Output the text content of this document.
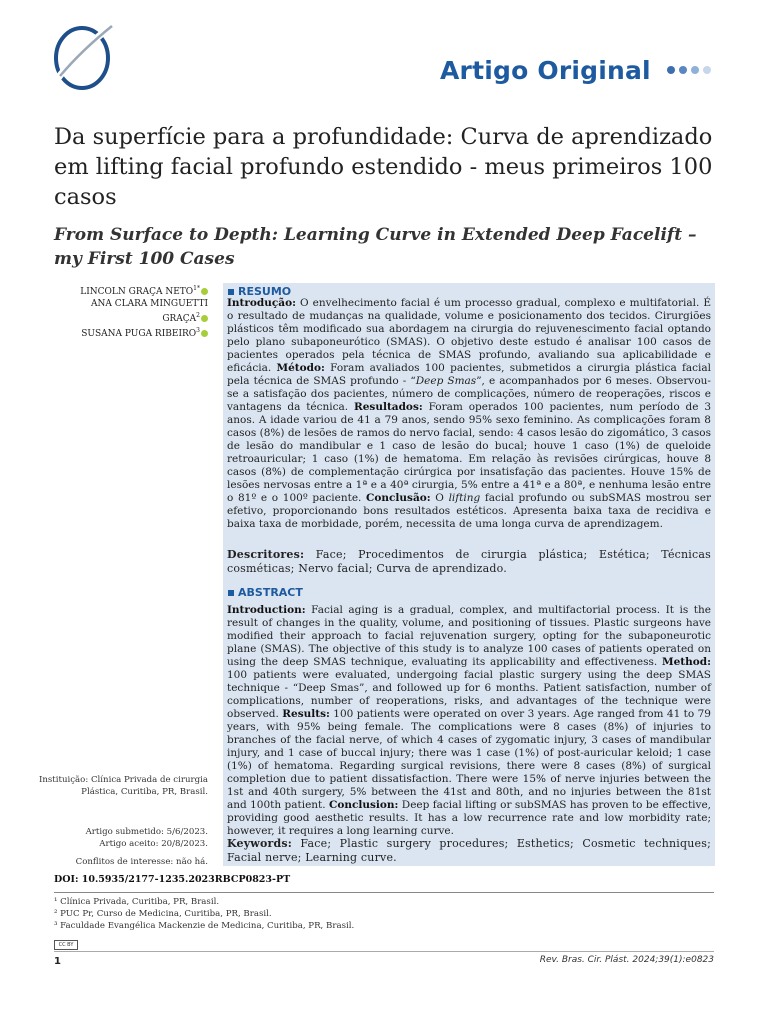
Artigo Original
Da superfície para a profundidade: Curva de aprendizado em lifting facial profundo estendido - meus primeiros 100 casos
From Surface to Depth: Learning Curve in Extended Deep Facelift – my First 100 Cases
LINCOLN GRAÇA $NETO^{1*}$
ANA CLARA MINGUETTI
GRAÇA$^2$
SUSANA PUGA RIBEIRO$^3$
Instituição: Clínica Privada de cirurgia Plástica, Curitiba, PR, Brasil.
Artigo submetido: 5/6/2023.
Artigo aceito: 20/8/2023.
Conflitos de interesse: não há.
RESUMO
Introdução: O envelhecimento facial é um processo gradual, complexo e multifatorial. É o resultado de mudanças na qualidade, volume e posicionamento dos tecidos. Cirurgiões plásticos têm modificado sua abordagem na cirurgia do rejuvenescimento facial optando pelo plano subaponeurótico (SMAS). O objetivo deste estudo é analisar 100 casos de pacientes operados pela técnica de SMAS profundo, avaliando sua aplicabilidade e eficácia. Método: Foram avaliados 100 pacientes, submetidos a cirurgia plástica facial pela técnica de SMAS profundo - “Deep Smas”, e acompanhados por 6 meses. Observou-se a satisfação dos pacientes, número de complicações, número de reoperações, riscos e vantagens da técnica. Resultados: Foram operados 100 pacientes, num período de 3 anos. A idade variou de 41 a 79 anos, sendo 95% sexo feminino. As complicações foram 8 casos (8%) de lesões de ramos do nervo facial, sendo: 4 casos lesão do zigomático, 3 casos de lesão do mandibular e 1 caso de lesão do bucal; houve 1 caso (1%) de queloide retroauricular; 1 caso (1%) de hematoma. Em relação às revisões cirúrgicas, houve 8 casos (8%) de complementação cirúrgica por insatisfação das pacientes. Houve 15% de lesões nervosas entre a 1ª e a 40ª cirurgia, 5% entre a 41ª e a 80ª, e nenhuma lesão entre o 81º e o 100º paciente. Conclusão: O lifting facial profundo ou subSMAS mostrou ser efetivo, proporcionando bons resultados estéticos. Apresenta baixa taxa de recidiva e baixa taxa de morbidade, porém, necessita de uma longa curva de aprendizagem.
Descritores: Face; Procedimentos de cirurgia plástica; Estética; Técnicas cosméticas; Nervo facial; Curva de aprendizado.
ABSTRACT
Introduction: Facial aging is a gradual, complex, and multifactorial process. It is the result of changes in the quality, volume, and positioning of tissues. Plastic surgeons have modified their approach to facial rejuvenation surgery, opting for the subaponeurotic plane (SMAS). The objective of this study is to analyze 100 cases of patients operated on using the deep SMAS technique, evaluating its applicability and effectiveness. Method: 100 patients were evaluated, undergoing facial plastic surgery using the deep SMAS technique - “Deep Smas”, and followed up for 6 months. Patient satisfaction, number of complications, number of reoperations, risks, and advantages of the technique were observed. Results: 100 patients were operated on over 3 years. Age ranged from 41 to 79 years, with 95% being female. The complications were 8 cases (8%) of injuries to branches of the facial nerve, of which 4 cases of zygomatic injury, 3 cases of mandibular injury, and 1 case of buccal injury; there was 1 case (1%) of post-auricular keloid; 1 case (1%) of hematoma. Regarding surgical revisions, there were 8 cases (8%) of surgical completion due to patient dissatisfaction. There were 15% of nerve injuries between the 1st and 40th surgery, 5% between the 41st and 80th, and no injuries between the 81st and 100th patient. Conclusion: Deep facial lifting or subSMAS has proven to be effective, providing good aesthetic results. It has a low recurrence rate and low morbidity rate; however, it requires a long learning curve.
Keywords: Face; Plastic surgery procedures; Esthetics; Cosmetic techniques; Facial nerve; Learning curve.
DOI: 10.5935/2177-1235.2023RBCP0823-PT
¹ Clínica Privada, Curitiba, PR, Brasil.
² PUC Pr, Curso de Medicina, Curitiba, PR, Brasil.
³ Faculdade Evangélica Mackenzie de Medicina, Curitiba, PR, Brasil.
CC BY
1	Rev. Bras. Cir. Plást. 2024;39(1):e0823
